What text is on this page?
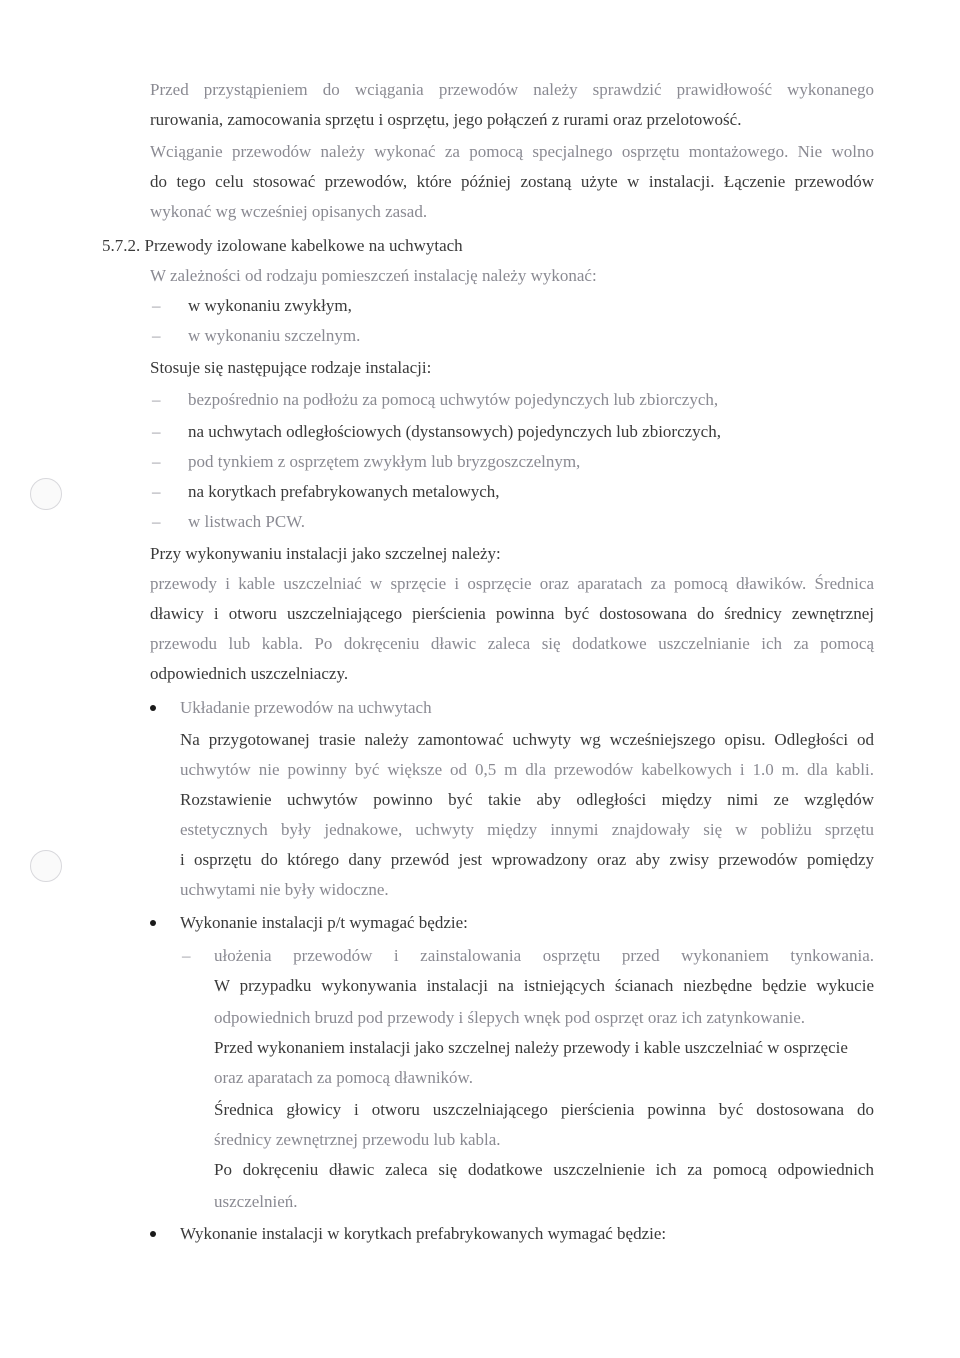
Przed przystąpieniem do wciągania przewodów należy sprawdzić prawidłowość wykonanego
rurowania, zamocowania sprzętu i osprzętu, jego połączeń z rurami oraz przelotowość.
Wciąganie przewodów należy wykonać za pomocą specjalnego osprzętu montażowego. Nie wolno
do tego celu stosować przewodów, które później zostaną użyte w instalacji. Łączenie przewodów
wykonać wg wcześniej opisanych zasad.
5.7.2. Przewody izolowane kabelkowe na uchwytach
W zależności od rodzaju pomieszczeń instalację należy wykonać:
– w wykonaniu zwykłym,
– w wykonaniu szczelnym.
Stosuje się następujące rodzaje instalacji:
– bezpośrednio na podłożu za pomocą uchwytów pojedynczych lub zbiorczych,
– na uchwytach odległościowych (dystansowych) pojedynczych lub zbiorczych,
– pod tynkiem z osprzętem zwykłym lub bryzgoszczelnym,
– na korytkach prefabrykowanych metalowych,
– w listwach PCW.
Przy wykonywaniu instalacji jako szczelnej należy:
przewody i kable uszczelniać w sprzęcie i osprzęcie oraz aparatach za pomocą dławików. Średnica
dławicy i otworu uszczelniającego pierścienia powinna być dostosowana do średnicy zewnętrznej
przewodu lub kabla. Po dokręceniu dławic zaleca się dodatkowe uszczelnianie ich za pomocą
odpowiednich uszczelniaczy.
Układanie przewodów na uchwytach
Na przygotowanej trasie należy zamontować uchwyty wg wcześniejszego opisu. Odległości od
uchwytów nie powinny być większe od 0,5 m dla przewodów kabelkowych i 1.0 m. dla kabli.
Rozstawienie uchwytów powinno być takie aby odległości między nimi ze względów
estetycznych były jednakowe, uchwyty między innymi znajdowały się w pobliżu sprzętu
i osprzętu do którego dany przewód jest wprowadzony oraz aby zwisy przewodów pomiędzy
uchwytami nie były widoczne.
Wykonanie instalacji p/t wymagać będzie:
– ułożenia przewodów i zainstalowania osprzętu przed wykonaniem tynkowania.
W przypadku wykonywania instalacji na istniejących ścianach niezbędne będzie wykucie
odpowiednich bruzd pod przewody i ślepych wnęk pod osprzęt oraz ich zatynkowanie.
Przed wykonaniem instalacji jako szczelnej należy przewody i kable uszczelniać w osprzęcie
oraz aparatach za pomocą dławników.
Średnica głowicy i otworu uszczelniającego pierścienia powinna być dostosowana do
średnicy zewnętrznej przewodu lub kabla.
Po dokręceniu dławic zaleca się dodatkowe uszczelnienie ich za pomocą odpowiednich
uszczelnień.
Wykonanie instalacji w korytkach prefabrykowanych wymagać będzie:
